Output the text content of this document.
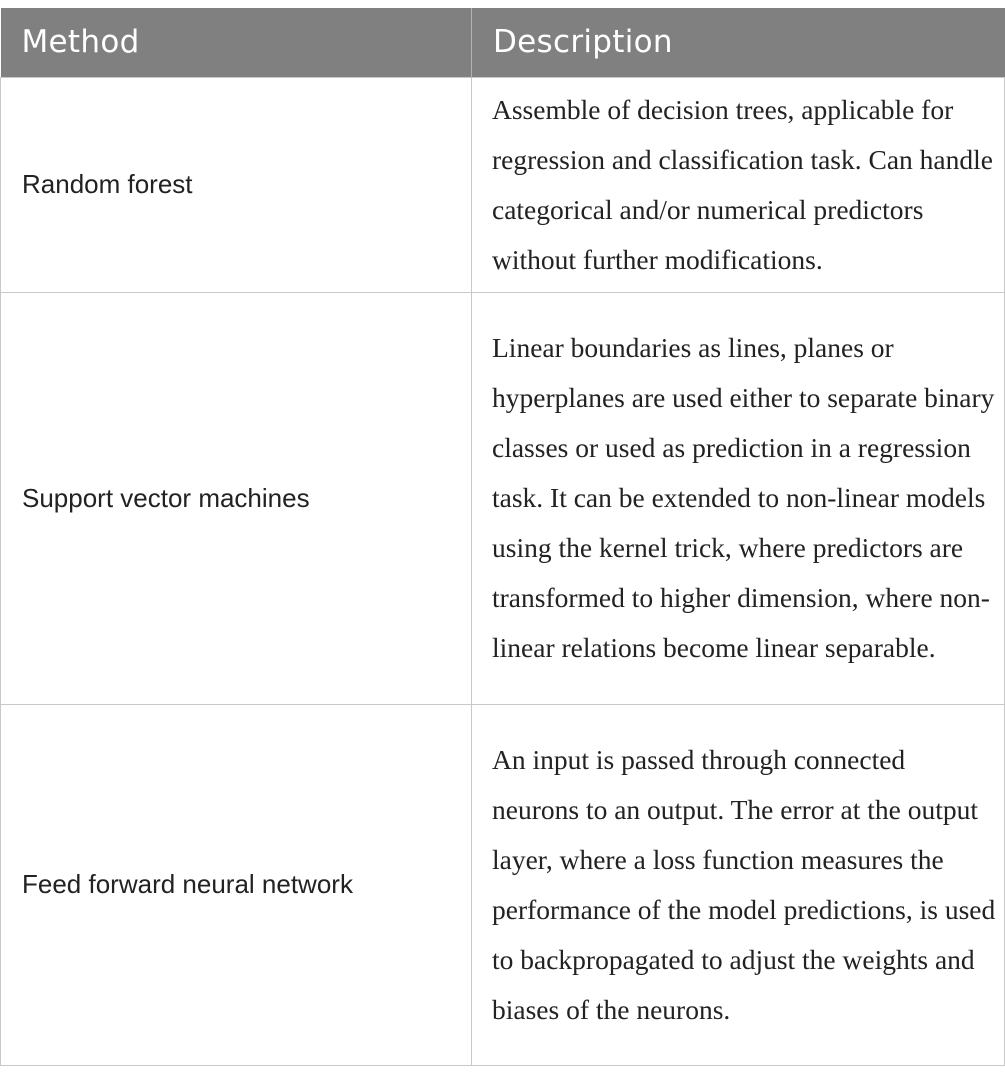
Method	Description
Random forest	Assemble of decision trees, applicable for regression and classification task. Can handle categorical and/or numerical predictors without further modifications.
Support vector machines	Linear boundaries as lines, planes or hyperplanes are used either to separate binary classes or used as prediction in a regression task. It can be extended to non-linear models using the kernel trick, where predictors are transformed to higher dimension, where non-linear relations become linear separable.
Feed forward neural network	An input is passed through connected neurons to an output. The error at the output layer, where a loss function measures the performance of the model predictions, is used to backpropagated to adjust the weights and biases of the neurons.
